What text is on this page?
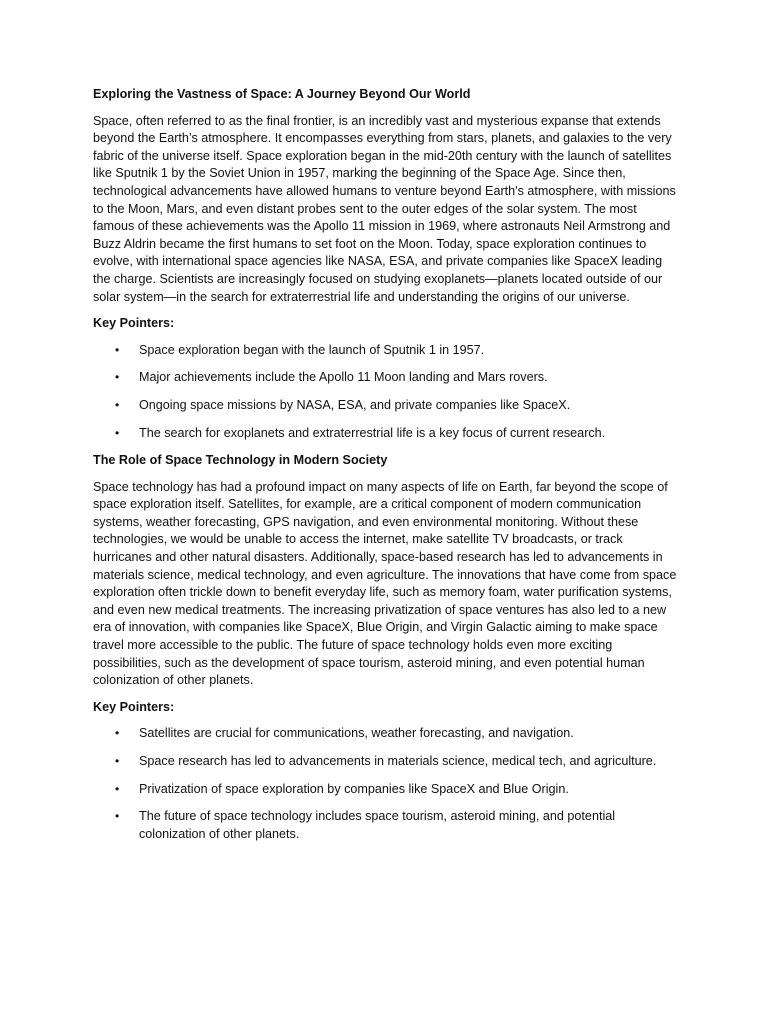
Exploring the Vastness of Space: A Journey Beyond Our World

Space, often referred to as the final frontier, is an incredibly vast and mysterious expanse that extends beyond the Earth’s atmosphere. It encompasses everything from stars, planets, and galaxies to the very fabric of the universe itself. Space exploration began in the mid-20th century with the launch of satellites like Sputnik 1 by the Soviet Union in 1957, marking the beginning of the Space Age. Since then, technological advancements have allowed humans to venture beyond Earth's atmosphere, with missions to the Moon, Mars, and even distant probes sent to the outer edges of the solar system. The most famous of these achievements was the Apollo 11 mission in 1969, where astronauts Neil Armstrong and Buzz Aldrin became the first humans to set foot on the Moon. Today, space exploration continues to evolve, with international space agencies like NASA, ESA, and private companies like SpaceX leading the charge. Scientists are increasingly focused on studying exoplanets—planets located outside of our solar system—in the search for extraterrestrial life and understanding the origins of our universe.

Key Pointers:
•	Space exploration began with the launch of Sputnik 1 in 1957.
•	Major achievements include the Apollo 11 Moon landing and Mars rovers.
•	Ongoing space missions by NASA, ESA, and private companies like SpaceX.
•	The search for exoplanets and extraterrestrial life is a key focus of current research.
The Role of Space Technology in Modern Society

Space technology has had a profound impact on many aspects of life on Earth, far beyond the scope of space exploration itself. Satellites, for example, are a critical component of modern communication systems, weather forecasting, GPS navigation, and even environmental monitoring. Without these technologies, we would be unable to access the internet, make satellite TV broadcasts, or track hurricanes and other natural disasters. Additionally, space-based research has led to advancements in materials science, medical technology, and even agriculture. The innovations that have come from space exploration often trickle down to benefit everyday life, such as memory foam, water purification systems, and even new medical treatments. The increasing privatization of space ventures has also led to a new era of innovation, with companies like SpaceX, Blue Origin, and Virgin Galactic aiming to make space travel more accessible to the public. The future of space technology holds even more exciting possibilities, such as the development of space tourism, asteroid mining, and even potential human colonization of other planets.

Key Pointers:
•	Satellites are crucial for communications, weather forecasting, and navigation.
•	Space research has led to advancements in materials science, medical tech, and agriculture.
•	Privatization of space exploration by companies like SpaceX and Blue Origin.
•	The future of space technology includes space tourism, asteroid mining, and potential colonization of other planets.
